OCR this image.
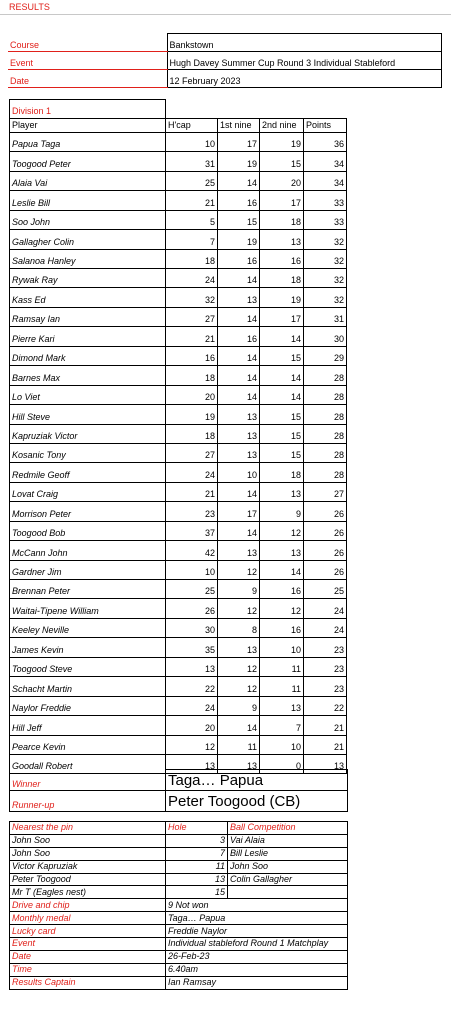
RESULTS
Course	Bankstown
Event	Hugh Davey Summer Cup Round 3 Individual Stableford
Date	12 February 2023
Division 1				
Player	H'cap	1st nine	2nd nine	Points
Papua Taga	10	17	19	36
Toogood Peter	31	19	15	34
Alaia Vai	25	14	20	34
Leslie Bill	21	16	17	33
Soo John	5	15	18	33
Gallagher Colin	7	19	13	32
Salanoa Hanley	18	16	16	32
Rywak Ray	24	14	18	32
Kass Ed	32	13	19	32
Ramsay Ian	27	14	17	31
Pierre Kari	21	16	14	30
Dimond Mark	16	14	15	29
Barnes Max	18	14	14	28
Lo Viet	20	14	14	28
Hill Steve	19	13	15	28
Kapruziak Victor	18	13	15	28
Kosanic Tony	27	13	15	28
Redmile Geoff	24	10	18	28
Lovat Craig	21	14	13	27
Morrison Peter	23	17	9	26
Toogood Bob	37	14	12	26
McCann John	42	13	13	26
Gardner Jim	10	12	14	26
Brennan Peter	25	9	16	25
Waitai-Tipene William	26	12	12	24
Keeley Neville	30	8	16	24
James Kevin	35	13	10	23
Toogood Steve	13	12	11	23
Schacht Martin	22	12	11	23
Naylor Freddie	24	9	13	22
Hill Jeff	20	14	7	21
Pearce Kevin	12	11	10	21
Goodall Robert	13	13	0	13
Winner	Taga… Papua
Runner-up	Peter Toogood (CB)
Nearest the pin	Hole	Ball Competition
John Soo	3	Vai Alaia
John Soo	7	Bill Leslie
Victor Kapruziak	11	John Soo
Peter Toogood	13	Colin Gallagher
Mr T (Eagles nest)	15	
Drive and chip	9 Not won	
Monthly medal	Taga… Papua	
Lucky card	Freddie Naylor	
Event	Individual stableford Round 1 Matchplay	
Date	26-Feb-23	
Time	6.40am	
Results Captain	Ian Ramsay	
